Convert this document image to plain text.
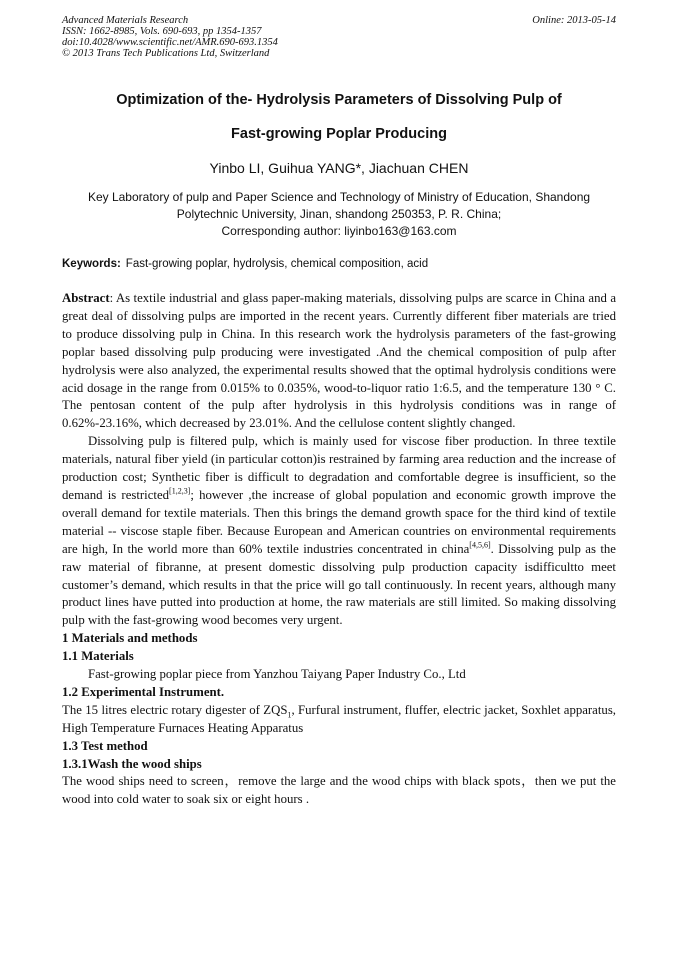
Advanced Materials Research
ISSN: 1662-8985, Vols. 690-693, pp 1354-1357
doi:10.4028/www.scientific.net/AMR.690-693.1354
© 2013 Trans Tech Publications Ltd, Switzerland
Online: 2013-05-14
Optimization of the- Hydrolysis Parameters of Dissolving Pulp of
Fast-growing Poplar Producing
Yinbo LI, Guihua YANG*, Jiachuan CHEN
Key Laboratory of pulp and Paper Science and Technology of Ministry of Education, Shandong
Polytechnic University, Jinan, shandong 250353, P. R. China;
Corresponding author: liyinbo163@163.com
Keywords: Fast-growing poplar, hydrolysis, chemical composition, acid

Abstract: As textile industrial and glass paper-making materials, dissolving pulps are scarce in China and a great deal of dissolving pulps are imported in the recent years. Currently different fiber materials are tried to produce dissolving pulp in China. In this research work the hydrolysis parameters of the fast-growing poplar based dissolving pulp producing were investigated .And the chemical composition of pulp after hydrolysis were also analyzed, the experimental results showed that the optimal hydrolysis conditions were acid dosage in the range from 0.015% to 0.035%, wood-to-liquor ratio 1:6.5, and the temperature 130 ° C. The pentosan content of the pulp after hydrolysis in this hydrolysis conditions was in range of 0.62%-23.16%, which decreased by 23.01%. And the cellulose content slightly changed.

Dissolving pulp is filtered pulp, which is mainly used for viscose fiber production. In three textile materials, natural fiber yield (in particular cotton)is restrained by farming area reduction and the increase of production cost; Synthetic fiber is difficult to degradation and comfortable degree is insufficient, so the demand is restricted[1,2,3]; however ,the increase of global population and economic growth improve the overall demand for textile materials. Then this brings the demand growth space for the third kind of textile material -- viscose staple fiber. Because European and American countries on environmental requirements are high, In the world more than 60% textile industries concentrated in china[4,5,6]. Dissolving pulp as the raw material of fibranne, at present domestic dissolving pulp production capacity isdifficultto meet customer’s demand, which results in that the price will go tall continuously. In recent years, although many product lines have putted into production at home, the raw materials are still limited. So making dissolving pulp with the fast-growing wood becomes very urgent.

1 Materials and methods
1.1 Materials

Fast-growing poplar piece from Yanzhou Taiyang Paper Industry Co., Ltd

1.2 Experimental Instrument.

The 15 litres electric rotary digester of $ZQS_1$, Furfural instrument, fluffer, electric jacket, Soxhlet apparatus, High Temperature Furnaces Heating Apparatus

1.3 Test method
1.3.1Wash the wood ships

The wood ships need to screen，remove the large and the wood chips with black spots，then we put the wood into cold water to soak six or eight hours .
